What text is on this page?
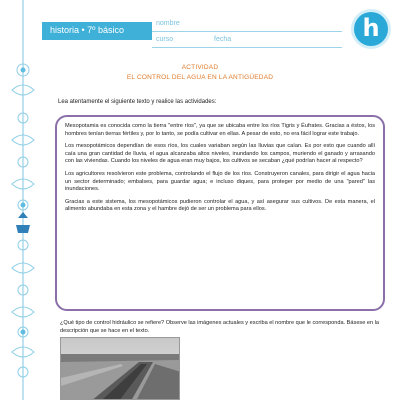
historia • 7º básico
nombre
curso	fecha	h
ACTIVIDAD
EL CONTROL DEL AGUA EN LA ANTIGÜEDAD
Lea atentamente el siguiente texto y realice las actividades:

Mesopotamia es conocida como la tierra "entre ríos", ya que se ubicaba entre los ríos Tigris y Éufrates. Gracias a éstos, los hombres tenían tierras fértiles y, por lo tanto, se podía cultivar en ellas. A pesar de esto, no era fácil lograr este trabajo.

Los mesopotámicos dependían de esos ríos, los cuales variaban según las lluvias que caían. Es por esto que cuando allí caía una gran cantidad de lluvia, el agua alcanzaba altos niveles, inundando los campos, muriendo el ganado y arrasando con las viviendas. Cuando los niveles de agua eran muy bajos, los cultivos se secaban ¿qué podrían hacer al respecto?

Los agricultores resolvieron este problema, controlando el flujo de los ríos. Construyeron canales, para dirigir el agua hacia un sector determinado; embalses, para guardar agua; e incluso diques, para proteger por medio de una "pared" las inundaciones.

Gracias a este sistema, los mesopotámicos pudieron controlar el agua, y así asegurar sus cultivos. De esta manera, el alimento abundaba en esta zona y el hambre dejó de ser un problema para ellos.

¿Qué tipo de control hidráulico se refiere? Observe las imágenes actuales y escriba el nombre que le corresponda. Básese en la descripción que se hace en el texto.
